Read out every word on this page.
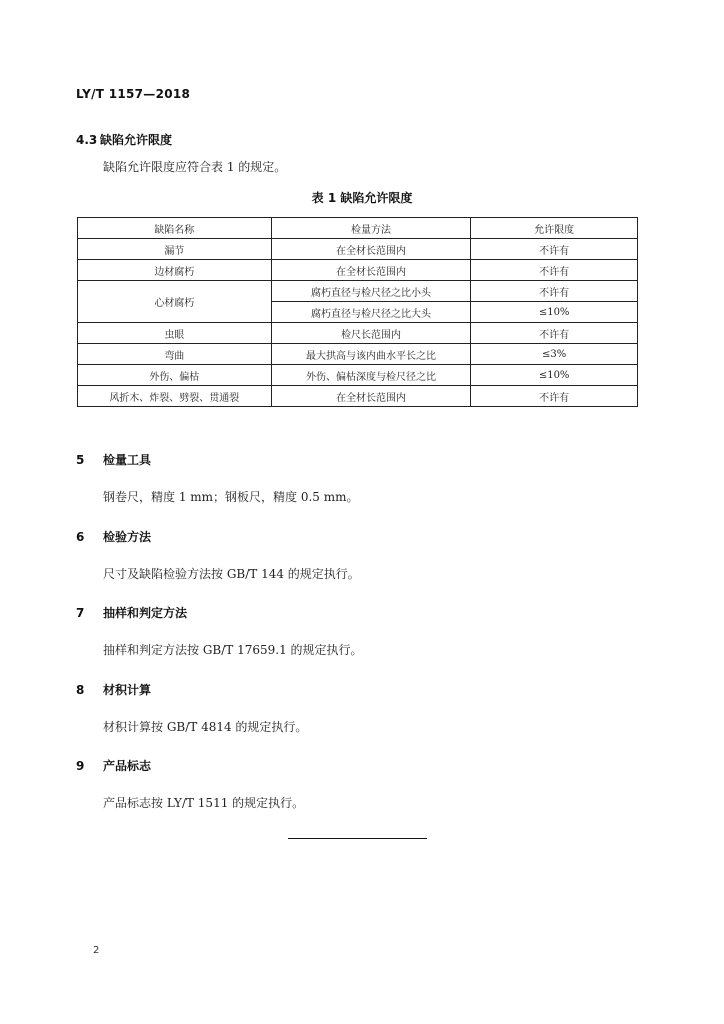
LY/T 1157—2018
4.3 缺陷允许限度
缺陷允许限度应符合表 1 的规定。
表 1 缺陷允许限度
缺陷名称	检量方法	允许限度
漏节	在全材长范围内	不许有
边材腐朽	在全材长范围内	不许有
心材腐朽	腐朽直径与检尺径之比小头	不许有
	腐朽直径与检尺径之比大头	≤10%
虫眼	检尺长范围内	不许有
弯曲	最大拱高与该内曲水平长之比	≤3%
外伤、偏枯	外伤、偏枯深度与检尺径之比	≤10%
风折木、炸裂、劈裂、贯通裂	在全材长范围内	不许有
5 检量工具
钢卷尺，精度 1 mm；钢板尺，精度 0.5 mm。
6 检验方法
尺寸及缺陷检验方法按 GB/T 144 的规定执行。
7 抽样和判定方法
抽样和判定方法按 GB/T 17659.1 的规定执行。
8 材积计算
材积计算按 GB/T 4814 的规定执行。
9 产品标志
产品标志按 LY/T 1511 的规定执行。
2
